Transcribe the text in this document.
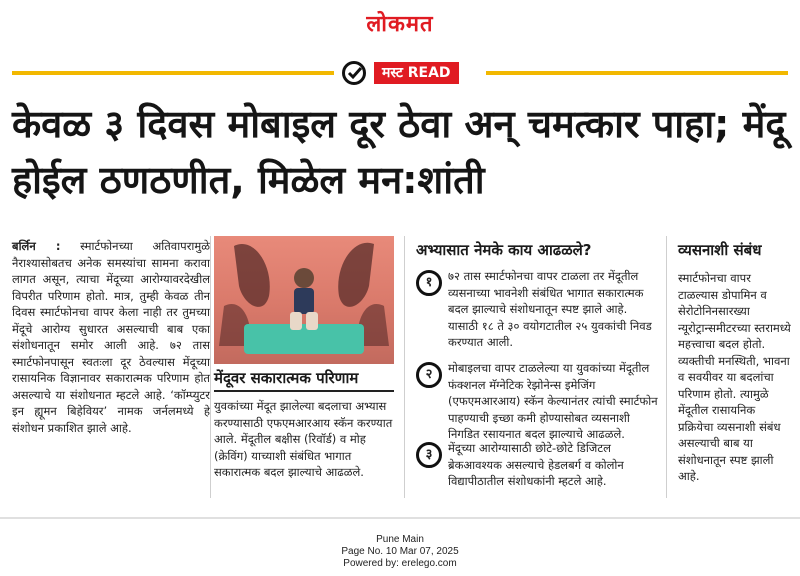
लोकमत
मस्ट READ
केवळ ३ दिवस मोबाइल दूर ठेवा अन् चमत्कार पाहा; मेंदू होईल ठणठणीत, मिळेल मन:शांती
बर्लिन : स्मार्टफोनच्या अतिवापरामुळे नैराश्यासोबतच अनेक समस्यांचा सामना करावा लागत असून, त्याचा मेंदूच्या आरोग्यावरदेखील विपरीत परिणाम होतो. मात्र, तुम्ही केवळ तीन दिवस स्मार्टफोनचा वापर केला नाही तर तुमच्या मेंदूचे आरोग्य सुधारत असल्याची बाब एका संशोधनातून समोर आली आहे. ७२ तास स्मार्टफोनपासून स्वतःला दूर ठेवल्यास मेंदूच्या रासायनिक विज्ञानावर सकारात्मक परिणाम होत असल्याचे या संशोधनात म्हटले आहे. ‘कॉम्प्युटर इन ह्यूमन बिहेवियर’ नामक जर्नलमध्ये हे संशोधन प्रकाशित झाले आहे.
मेंदूवर सकारात्मक परिणाम
युवकांच्या मेंदूत झालेल्या बदलाचा अभ्यास करण्यासाठी एफएमआरआय स्कॅन करण्यात आले. मेंदूतील बक्षीस (रिवॉर्ड) व मोह (क्रेविंग) याच्याशी संबंधित भागात सकारात्मक बदल झाल्याचे आढळले.
अभ्यासात नेमके काय आढळले?
१	७२ तास स्मार्टफोनचा वापर टाळला तर मेंदूतील व्यसनाच्या भावनेशी संबंधित भागात सकारात्मक बदल झाल्याचे संशोधनातून स्पष्ट झाले आहे. यासाठी १८ ते ३० वयोगटातील २५ युवकांची निवड करण्यात आली.
२	मोबाइलचा वापर टाळलेल्या या युवकांच्या मेंदूतील फंक्शनल मॅग्नेटिक रेझोनेन्स इमेजिंग (एफएमआरआय) स्कॅन केल्यानंतर त्यांची स्मार्टफोन पाहण्याची इच्छा कमी होण्यासोबत व्यसनाशी निगडित रसायनात बदल झाल्याचे आढळले.
३	मेंदूच्या आरोग्यासाठी छोटे-छोटे डिजिटल ब्रेकआवश्यक असल्याचे हेडलबर्ग व कोलोन विद्यापीठातील संशोधकांनी म्हटले आहे.
व्यसनाशी संबंध
स्मार्टफोनचा वापर टाळल्यास डोपामिन व सेरोटोनिनसारख्या न्यूरोट्रान्समीटरच्या स्तरामध्ये महत्त्वाचा बदल होतो. व्यक्तीची मनस्थिती, भावना व सवयीवर या बदलांचा परिणाम होतो. त्यामुळे मेंदूतील रासायनिक प्रक्रियेचा व्यसनाशी संबंध असल्याची बाब या संशोधनातून स्पष्ट झाली आहे.
Pune Main
Page No. 10 Mar 07, 2025
Powered by: erelego.com
